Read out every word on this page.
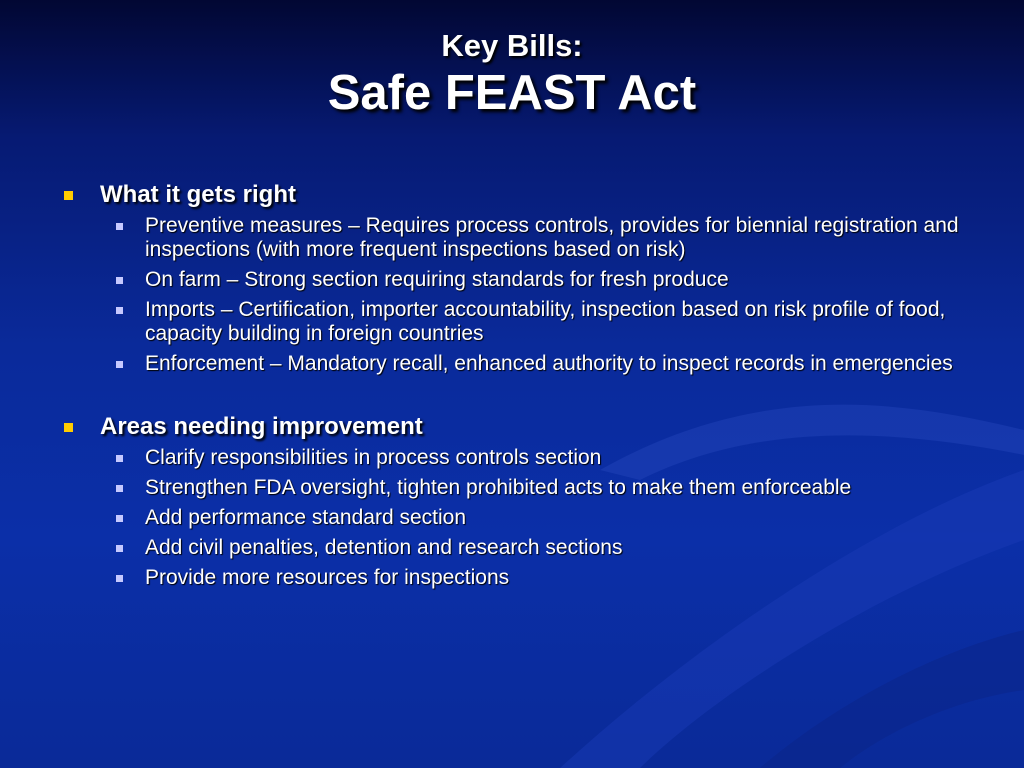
Key Bills:
Safe FEAST Act
What it gets right
Preventive measures – Requires process controls, provides for biennial registration and inspections (with more frequent inspections based on risk)
On farm – Strong section requiring standards for fresh produce
Imports – Certification, importer accountability, inspection based on risk profile of food, capacity building in foreign countries
Enforcement – Mandatory recall, enhanced authority to inspect records in emergencies
Areas needing improvement
Clarify responsibilities in process controls section
Strengthen FDA oversight, tighten prohibited acts to make them enforceable
Add performance standard section
Add civil penalties, detention and research sections
Provide more resources for inspections
